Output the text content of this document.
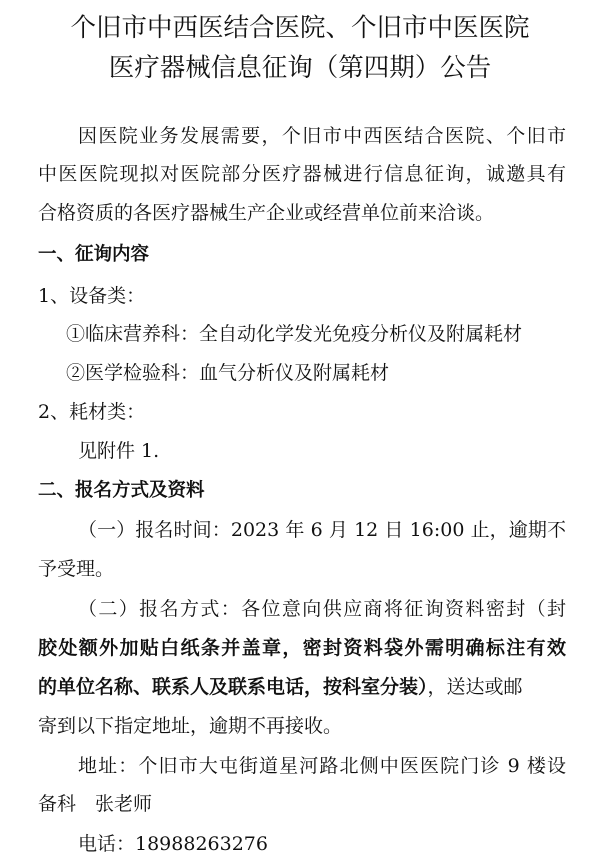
个旧市中西医结合医院、个旧市中医医院
医疗器械信息征询（第四期）公告
因医院业务发展需要，个旧市中西医结合医院、个旧市
中医医院现拟对医院部分医疗器械进行信息征询，诚邀具有
合格资质的各医疗器械生产企业或经营单位前来洽谈。
一、征询内容
1、设备类：
①临床营养科：全自动化学发光免疫分析仪及附属耗材
②医学检验科：血气分析仪及附属耗材
2、耗材类：
见附件 1.
二、报名方式及资料
（一）报名时间：2023 年 6 月 12 日 16:00 止，逾期不
予受理。
（二）报名方式：各位意向供应商将征询资料密封（封
胶处额外加贴白纸条并盖章，密封资料袋外需明确标注有效
的单位名称、联系人及联系电话，按科室分装），送达或邮
寄到以下指定地址，逾期不再接收。
地址：个旧市大屯街道星河路北侧中医医院门诊 9 楼设
备科　张老师
电话：18988263276
